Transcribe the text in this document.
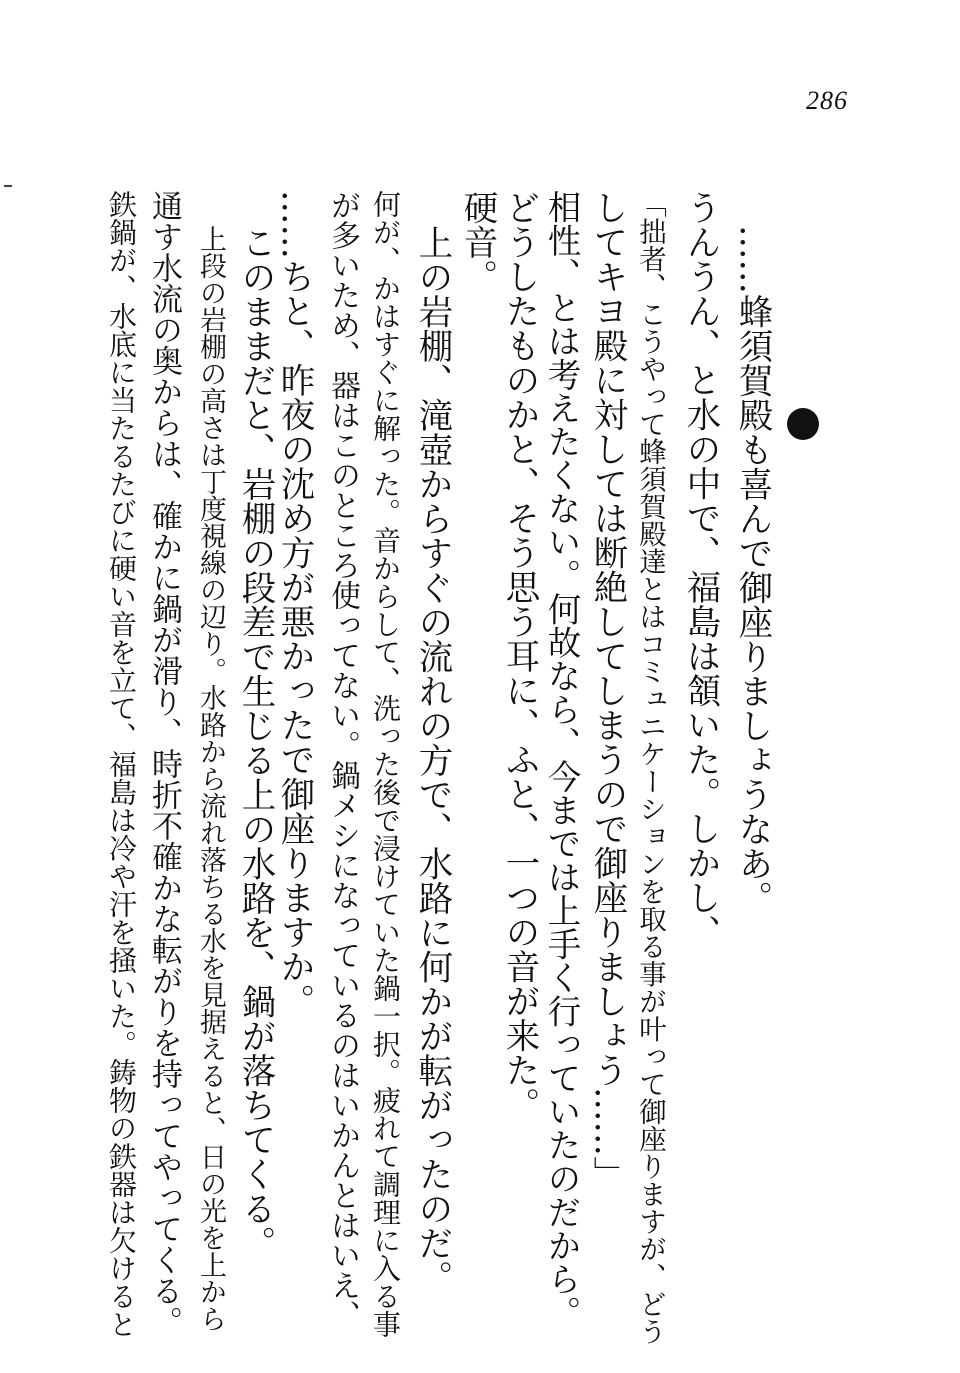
286
……蜂須賀殿も喜んで御座りましょうなあ。
うんうん、と水の中で、福島は頷いた。しかし、
「拙者、こうやって蜂須賀殿達とはコミュニケーションを取る事が叶って御座りますが、どう
してキヨ殿に対しては断絶してしまうので御座りましょう……」
相性、とは考えたくない。何故なら、今までは上手く行っていたのだから。
どうしたものかと、そう思う耳に、ふと、一つの音が来た。
硬音。
上の岩棚、滝壺からすぐの流れの方で、水路に何かが転がったのだ。
何が、かはすぐに解った。音からして、洗った後で浸けていた鍋一択。疲れて調理に入る事
が多いため、器はこのところ使ってない。鍋メシになっているのはいかんとはいえ、
……ちと、昨夜の沈め方が悪かったで御座りますか。
このままだと、岩棚の段差で生じる上の水路を、鍋が落ちてくる。
上段の岩棚の高さは丁度視線の辺り。水路から流れ落ちる水を見据えると、日の光を上から
通す水流の奥からは、確かに鍋が滑り、時折不確かな転がりを持ってやってくる。
鉄鍋が、水底に当たるたびに硬い音を立て、福島は冷や汗を掻いた。鋳物の鉄器は欠けると
